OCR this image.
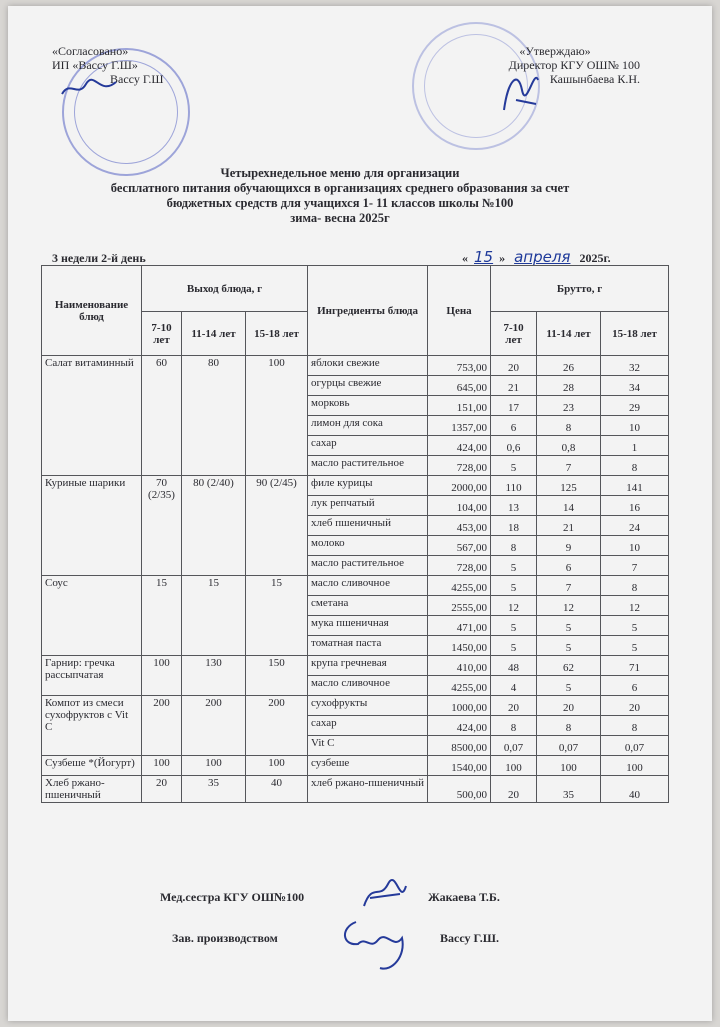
«Согласовано»
ИП «Вассу Г.Ш»
Вассу Г.Ш
«Утверждаю»
Директор КГУ ОШ№ 100
Кашынбаева К.Н.
Четырехнедельное меню для организации
бесплатного питания обучающихся в организациях среднего образования за счет
бюджетных средств для учащихся 1- 11 классов школы №100
зима- весна 2025г
3 недели 2-й день	« 15 » апреля 2025г.
Наименование блюд	Выход блюда, г			Ингредиенты блюда	Цена	Брутто, г		
	7-10 лет	11-14 лет	15-18 лет			7-10 лет	11-14 лет	15-18 лет
Салат витаминный	60	80	100	яблоки свежие	753,00	20	26	32
				огурцы свежие	645,00	21	28	34
				морковь	151,00	17	23	29
				лимон для сока	1357,00	6	8	10
				сахар	424,00	0,6	0,8	1
				масло растительное	728,00	5	7	8
Куриные шарики	70 (2/35)	80 (2/40)	90 (2/45)	филе курицы	2000,00	110	125	141
				лук репчатый	104,00	13	14	16
				хлеб пшеничный	453,00	18	21	24
				молоко	567,00	8	9	10
				масло растительное	728,00	5	6	7
Соус	15	15	15	масло сливочное	4255,00	5	7	8
				сметана	2555,00	12	12	12
				мука пшеничная	471,00	5	5	5
				томатная паста	1450,00	5	5	5
Гарнир: гречка рассыпчатая	100	130	150	крупа гречневая	410,00	48	62	71
				масло сливочное	4255,00	4	5	6
Компот из смеси сухофруктов с Vit C	200	200	200	сухофрукты	1000,00	20	20	20
				сахар	424,00	8	8	8
				Vit C	8500,00	0,07	0,07	0,07
Сузбеше *(Йогурт)	100	100	100	сузбеше	1540,00	100	100	100
Хлеб ржано-пшеничный	20	35	40	хлеб ржано-пшеничный	500,00	20	35	40
Мед.сестра КГУ ОШ№100	Жакаева Т.Б.
Зав. производством	Вассу Г.Ш.
